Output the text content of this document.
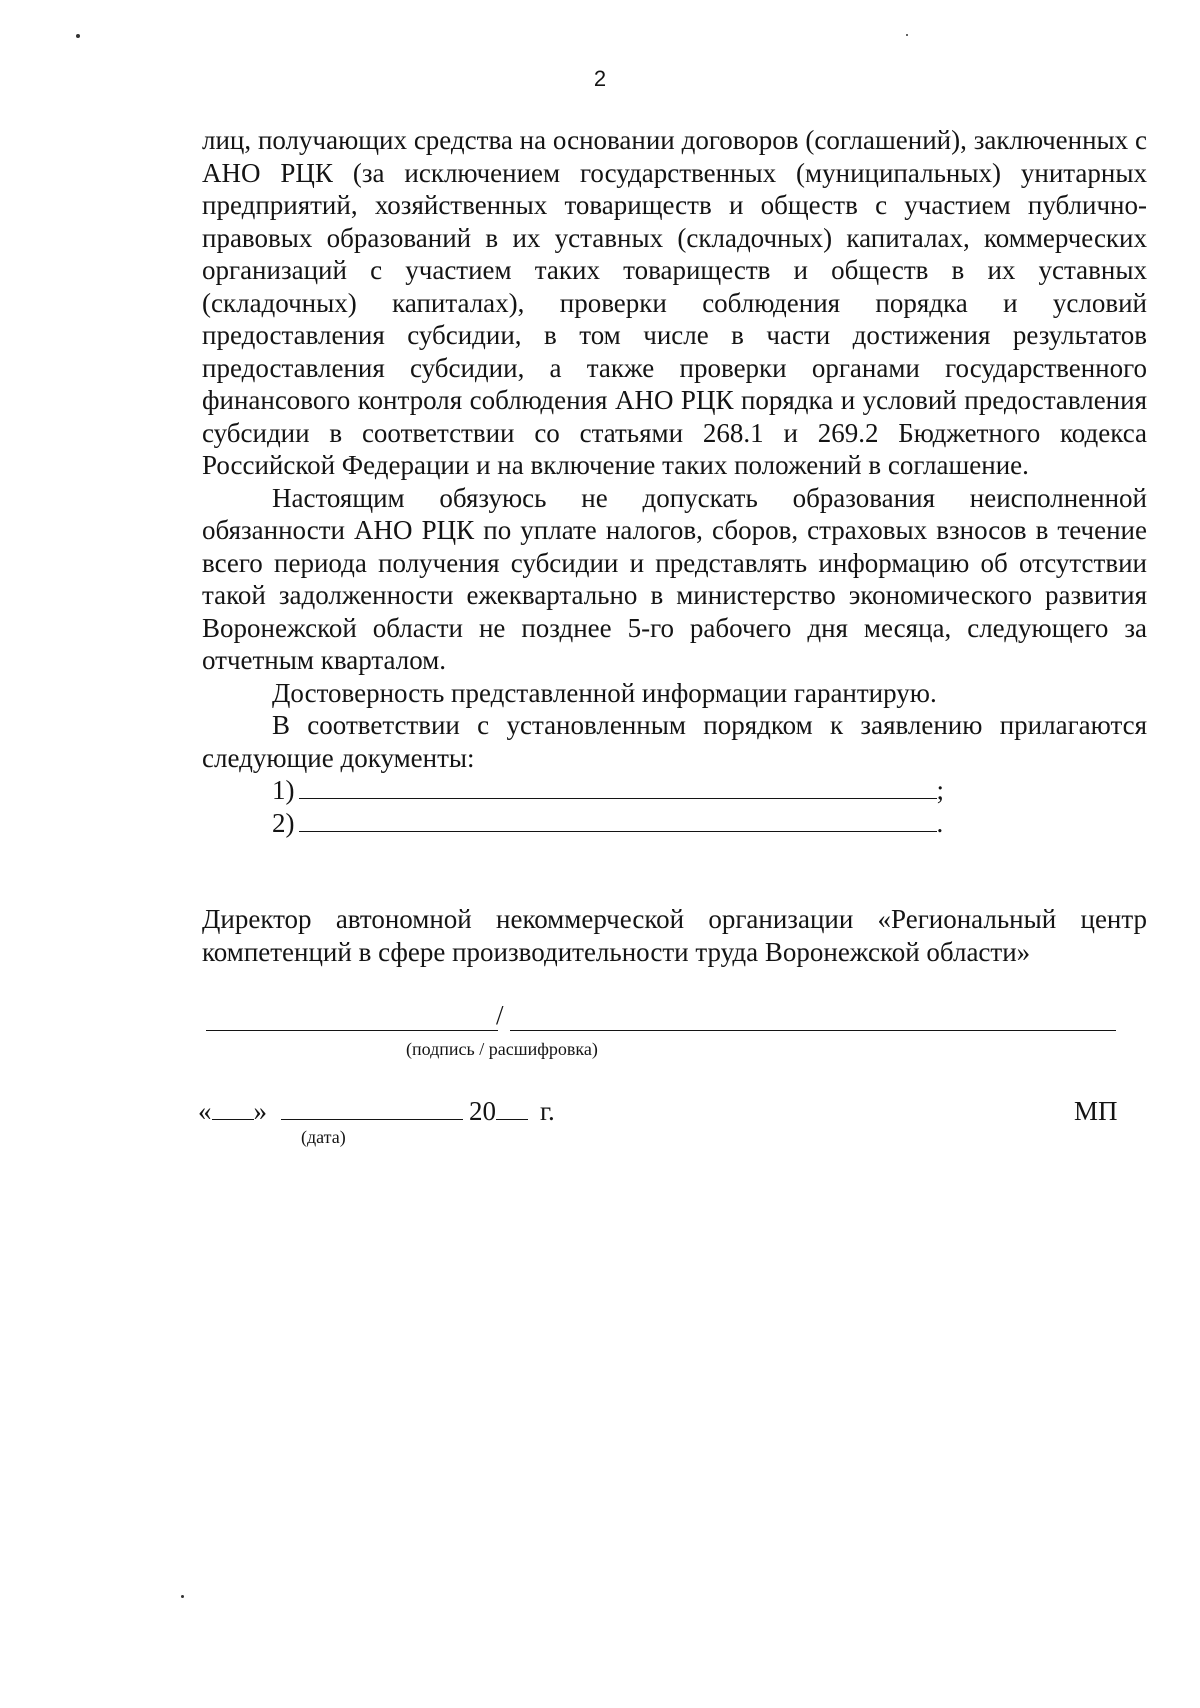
2

лиц, получающих средства на основании договоров (соглашений), заключенных с АНО РЦК (за исключением государственных (муниципальных) унитарных предприятий, хозяйственных товариществ и обществ с участием публично-правовых образований в их уставных (складочных) капиталах, коммерческих организаций с участием таких товариществ и обществ в их уставных (складочных) капиталах), проверки соблюдения порядка и условий предоставления субсидии, в том числе в части достижения результатов предоставления субсидии, а также проверки органами государственного финансового контроля соблюдения АНО РЦК порядка и условий предоставления субсидии в соответствии со статьями 268.1 и 269.2 Бюджетного кодекса Российской Федерации и на включение таких положений в соглашение.

Настоящим обязуюсь не допускать образования неисполненной обязанности АНО РЦК по уплате налогов, сборов, страховых взносов в течение всего периода получения субсидии и представлять информацию об отсутствии такой задолженности ежеквартально в министерство экономического развития Воронежской области не позднее 5-го рабочего дня месяца, следующего за отчетным кварталом.

Достоверность представленной информации гарантирую.

В соответствии с установленным порядком к заявлению прилагаются следующие документы:

1)	;
2)	.

Директор автономной некоммерческой организации «Региональный центр компетенций в сфере производительности труда Воронежской области»

/
(подпись / расшифровка)
« »	20 г.
(дата)
МП
